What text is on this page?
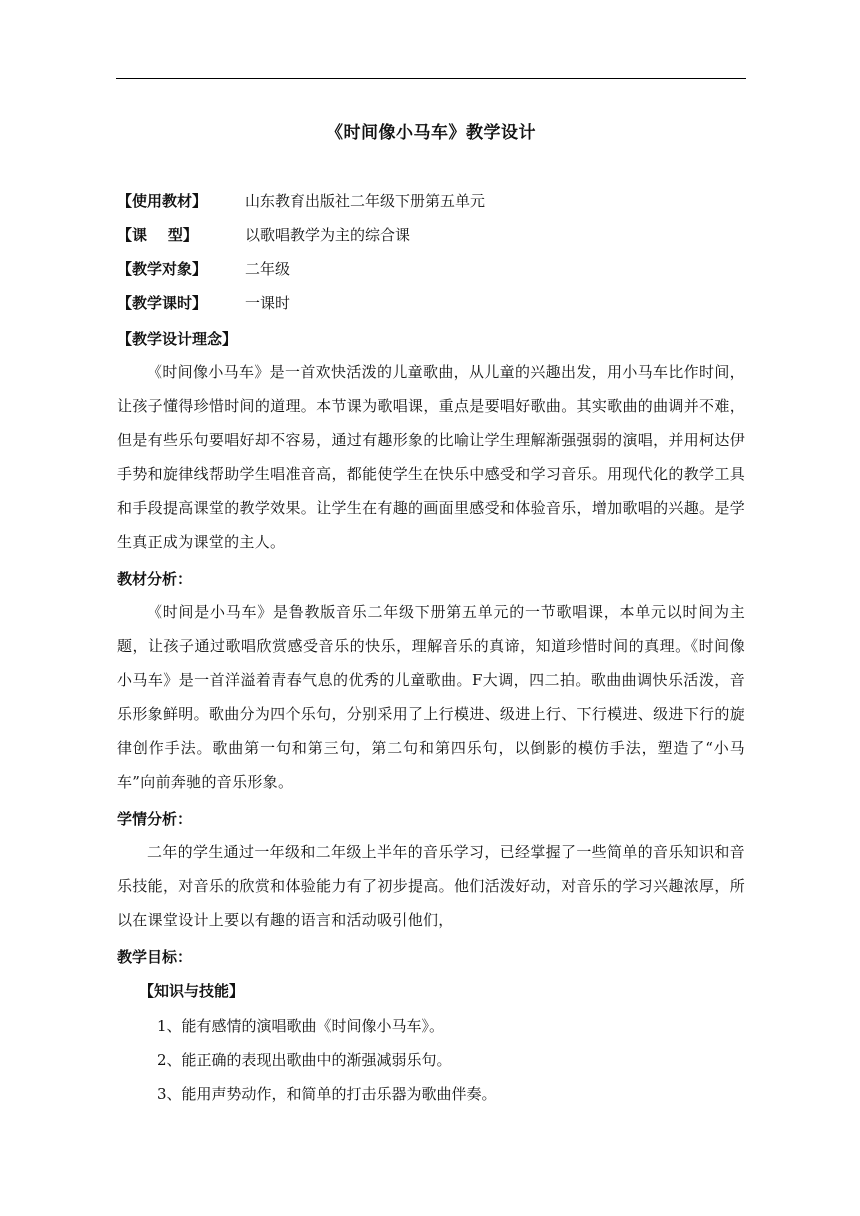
《时间像小马车》教学设计
【使用教材】	山东教育出版社二年级下册第五单元
【课    型】	以歌唱教学为主的综合课
【教学对象】	二年级
【教学课时】	一课时
【教学设计理念】
《时间像小马车》是一首欢快活泼的儿童歌曲，从儿童的兴趣出发，用小马车比作时间，让孩子懂得珍惜时间的道理。本节课为歌唱课，重点是要唱好歌曲。其实歌曲的曲调并不难，但是有些乐句要唱好却不容易，通过有趣形象的比喻让学生理解渐强强弱的演唱，并用柯达伊手势和旋律线帮助学生唱准音高，都能使学生在快乐中感受和学习音乐。用现代化的教学工具和手段提高课堂的教学效果。让学生在有趣的画面里感受和体验音乐，增加歌唱的兴趣。是学生真正成为课堂的主人。
教材分析：
《时间是小马车》是鲁教版音乐二年级下册第五单元的一节歌唱课，本单元以时间为主题，让孩子通过歌唱欣赏感受音乐的快乐，理解音乐的真谛，知道珍惜时间的真理。《时间像小马车》是一首洋溢着青春气息的优秀的儿童歌曲。F大调，四二拍。歌曲曲调快乐活泼，音乐形象鲜明。歌曲分为四个乐句，分别采用了上行模进、级进上行、下行模进、级进下行的旋律创作手法。歌曲第一句和第三句，第二句和第四乐句，以倒影的模仿手法，塑造了“小马车”向前奔驰的音乐形象。
学情分析：
二年的学生通过一年级和二年级上半年的音乐学习，已经掌握了一些简单的音乐知识和音乐技能，对音乐的欣赏和体验能力有了初步提高。他们活泼好动，对音乐的学习兴趣浓厚，所以在课堂设计上要以有趣的语言和活动吸引他们，
教学目标：
【知识与技能】
1、能有感情的演唱歌曲《时间像小马车》。
2、能正确的表现出歌曲中的渐强减弱乐句。
3、能用声势动作，和简单的打击乐器为歌曲伴奏。
